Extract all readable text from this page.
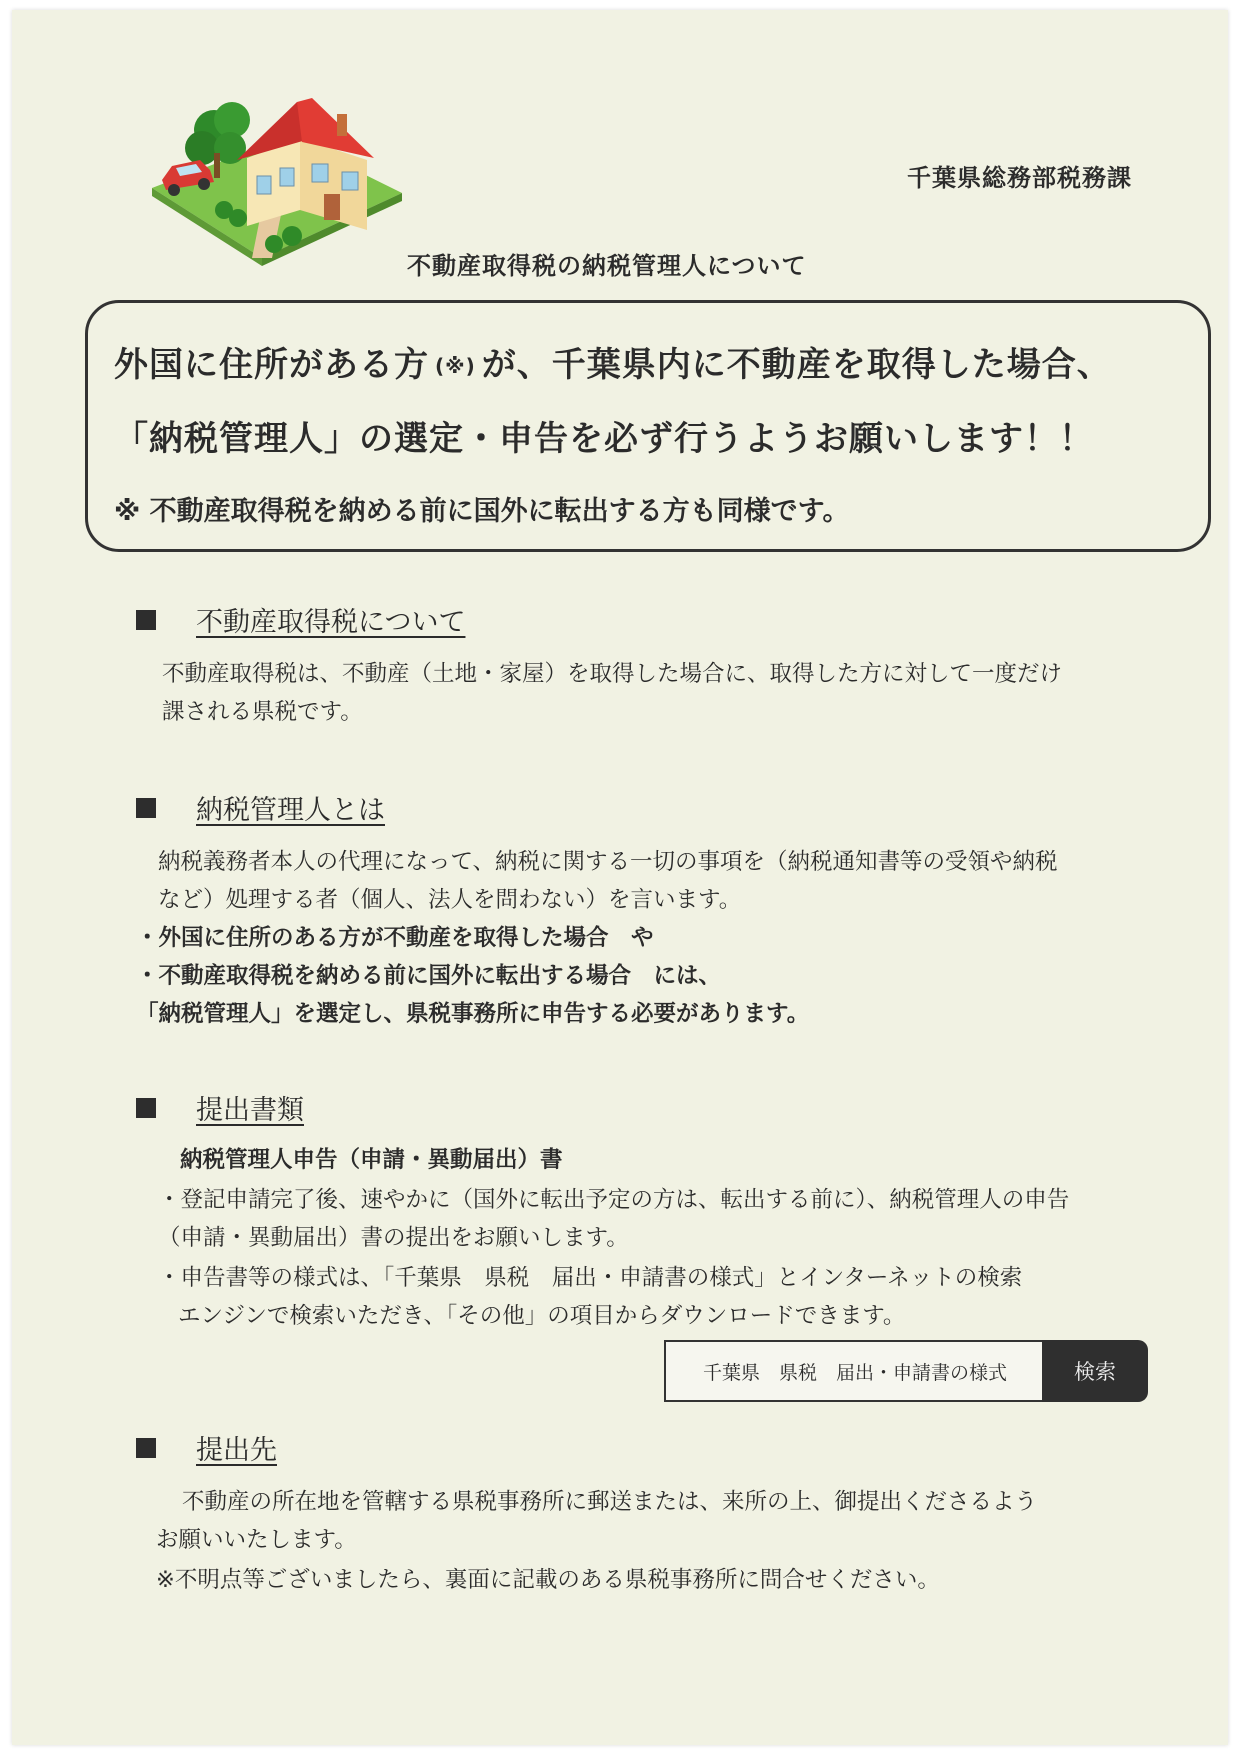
千葉県総務部税務課
不動産取得税の納税管理人について
外国に住所がある方 (※) が、千葉県内に不動産を取得した場合、
「納税管理人」の選定・申告を必ず行うようお願いします！！
※ 不動産取得税を納める前に国外に転出する方も同様です。
不動産取得税について
不動産取得税は、不動産（土地・家屋）を取得した場合に、取得した方に対して一度だけ
課される県税です。
納税管理人とは
納税義務者本人の代理になって、納税に関する一切の事項を（納税通知書等の受領や納税
など）処理する者（個人、法人を問わない）を言います。
・外国に住所のある方が不動産を取得した場合　や
・不動産取得税を納める前に国外に転出する場合　には、
「納税管理人」を選定し、県税事務所に申告する必要があります。
提出書類
納税管理人申告（申請・異動届出）書
・登記申請完了後、速やかに（国外に転出予定の方は、転出する前に）、納税管理人の申告
（申請・異動届出）書の提出をお願いします。
・申告書等の様式は、「千葉県　県税　届出・申請書の様式」とインターネットの検索
エンジンで検索いただき、「その他」の項目からダウンロードできます。
千葉県　県税　届出・申請書の様式	検索
提出先
不動産の所在地を管轄する県税事務所に郵送または、来所の上、御提出くださるよう
お願いいたします。
※不明点等ございましたら、裏面に記載のある県税事務所に問合せください。
